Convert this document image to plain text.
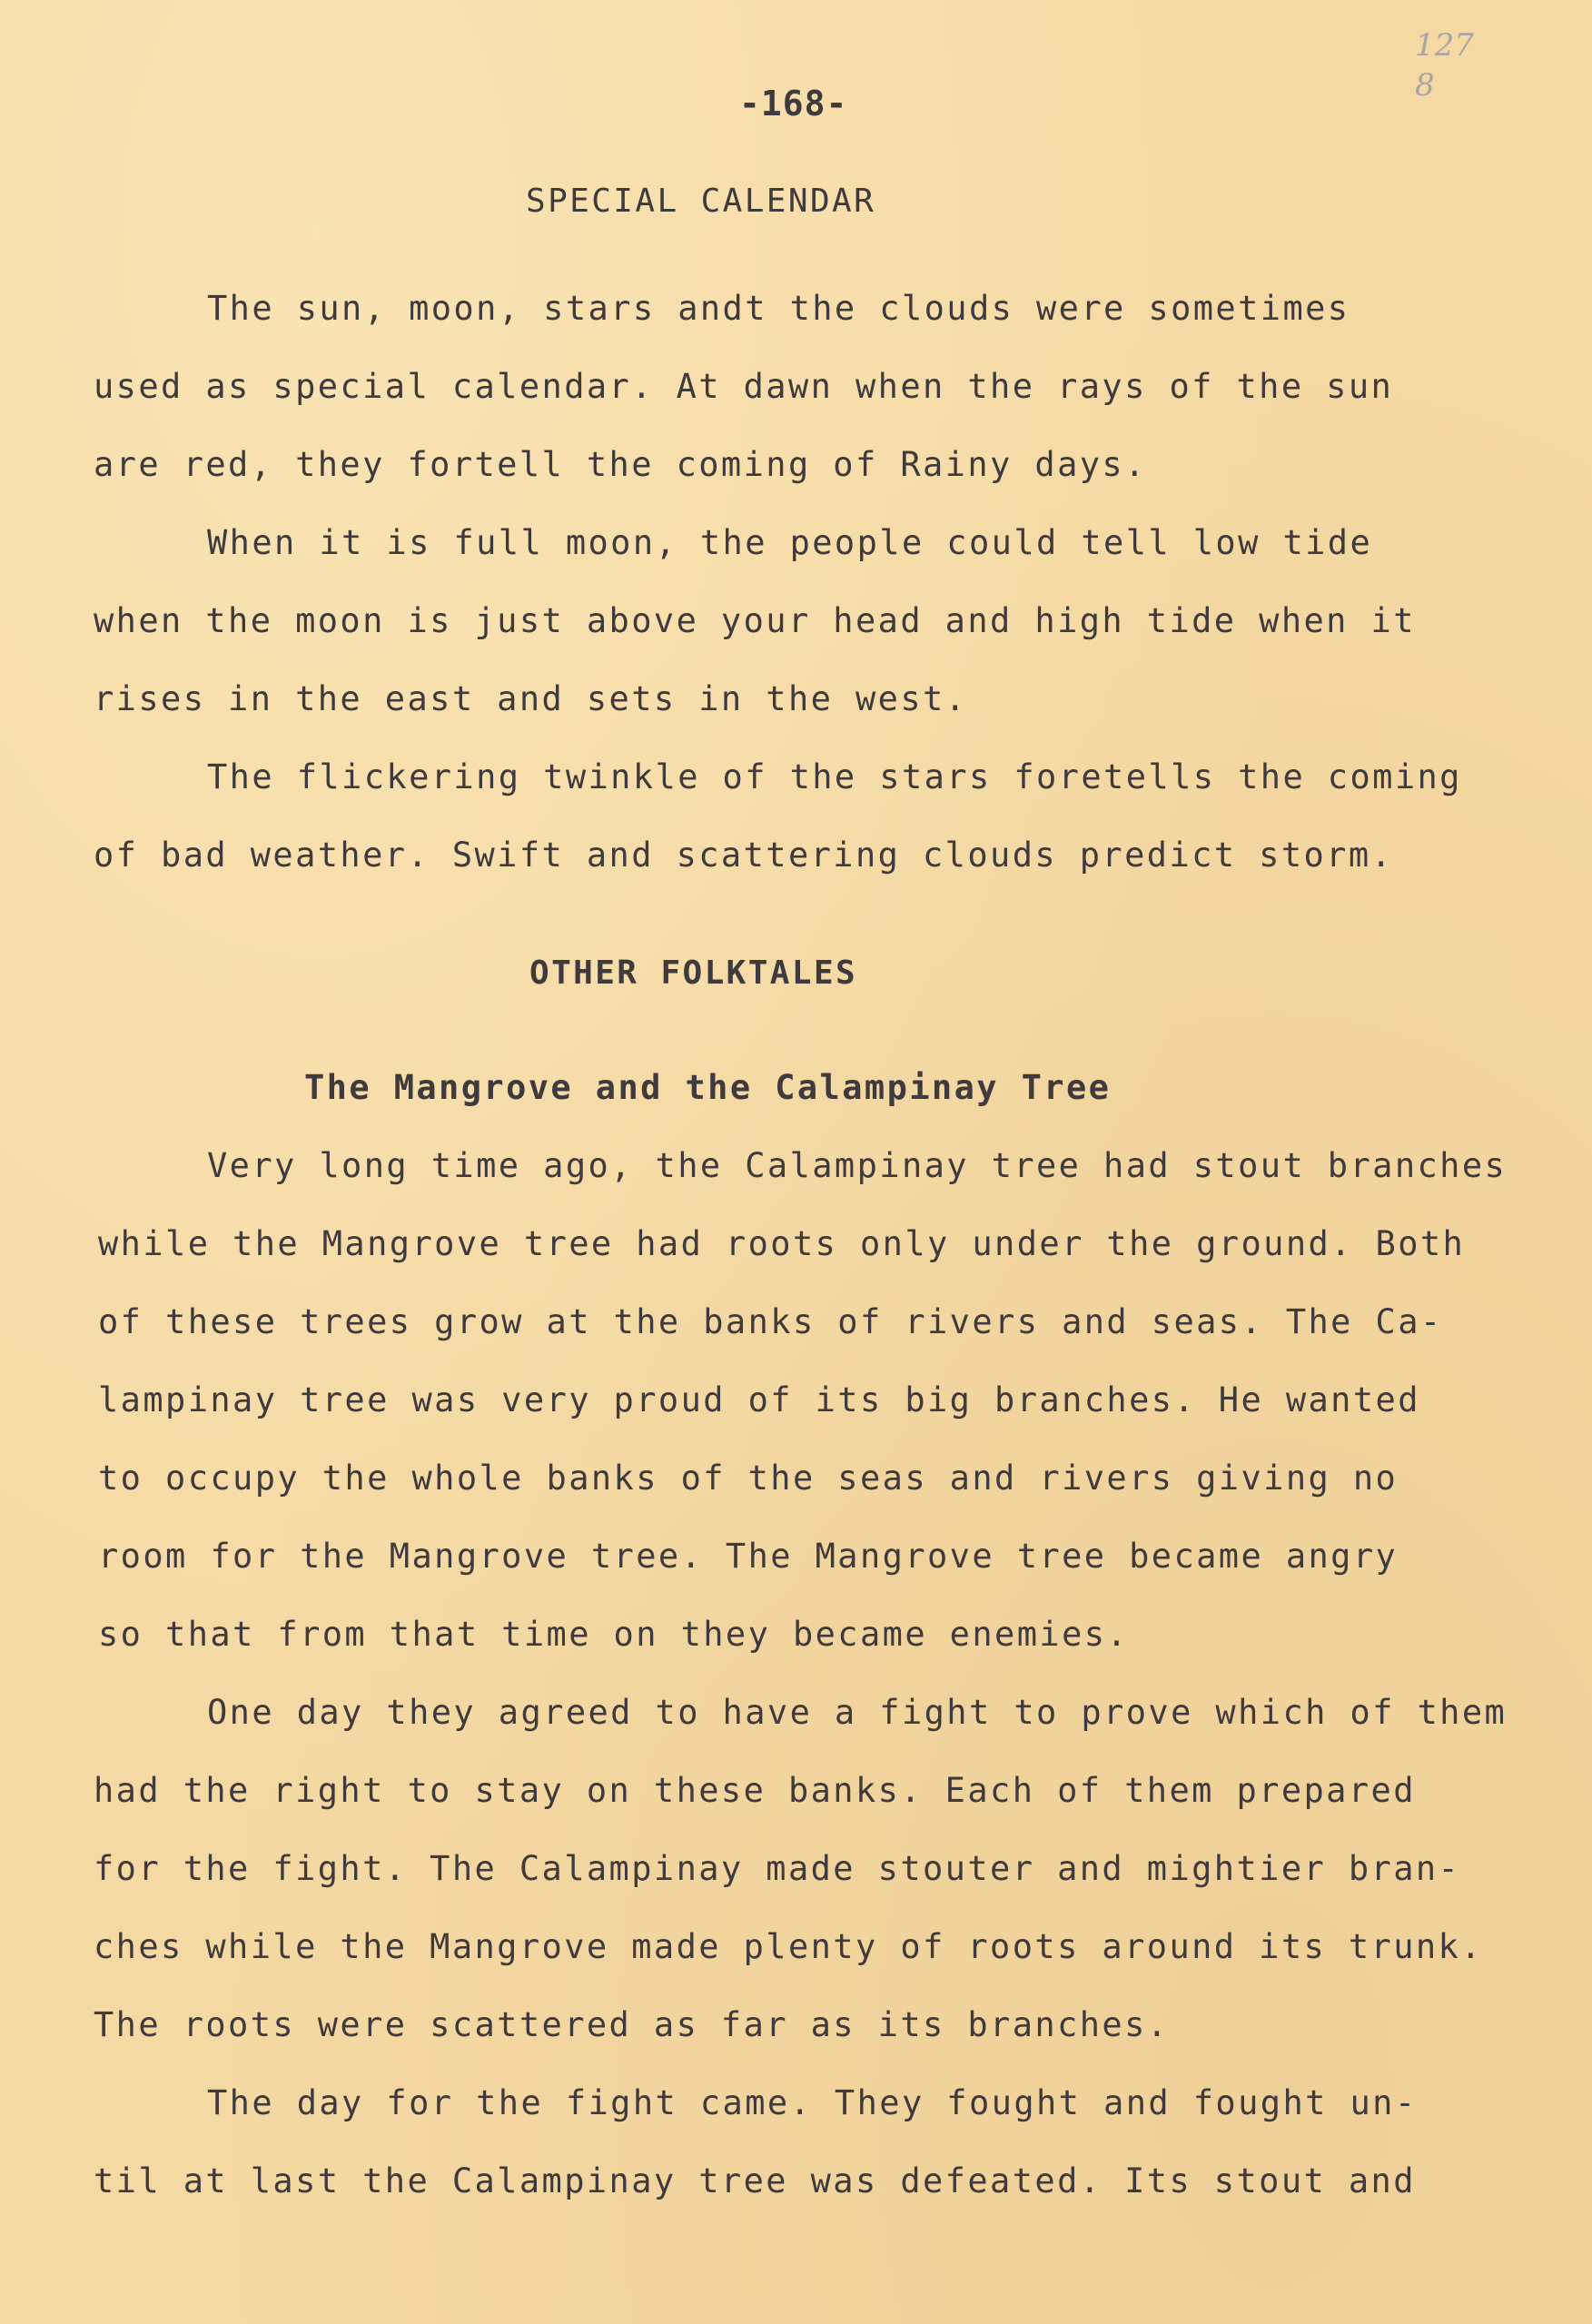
127
8
-168-
SPECIAL CALENDAR
The sun, moon, stars andt the clouds were sometimes
used as special calendar. At dawn when the rays of the sun
are red, they fortell the coming of Rainy days.
When it is full moon, the people could tell low tide
when the moon is just above your head and high tide when it
rises in the east and sets in the west.
The flickering twinkle of the stars foretells the coming
of bad weather. Swift and scattering clouds predict storm.
OTHER FOLKTALES
The Mangrove and the Calampinay Tree
Very long time ago, the Calampinay tree had stout branches
while the Mangrove tree had roots only under the ground. Both
of these trees grow at the banks of rivers and seas. The Ca-
lampinay tree was very proud of its big branches. He wanted
to occupy the whole banks of the seas and rivers giving no
room for the Mangrove tree. The Mangrove tree became angry
so that from that time on they became enemies.
One day they agreed to have a fight to prove which of them
had the right to stay on these banks. Each of them prepared
for the fight. The Calampinay made stouter and mightier bran-
ches while the Mangrove made plenty of roots around its trunk.
The roots were scattered as far as its branches.
The day for the fight came. They fought and fought un-
til at last the Calampinay tree was defeated. Its stout and
